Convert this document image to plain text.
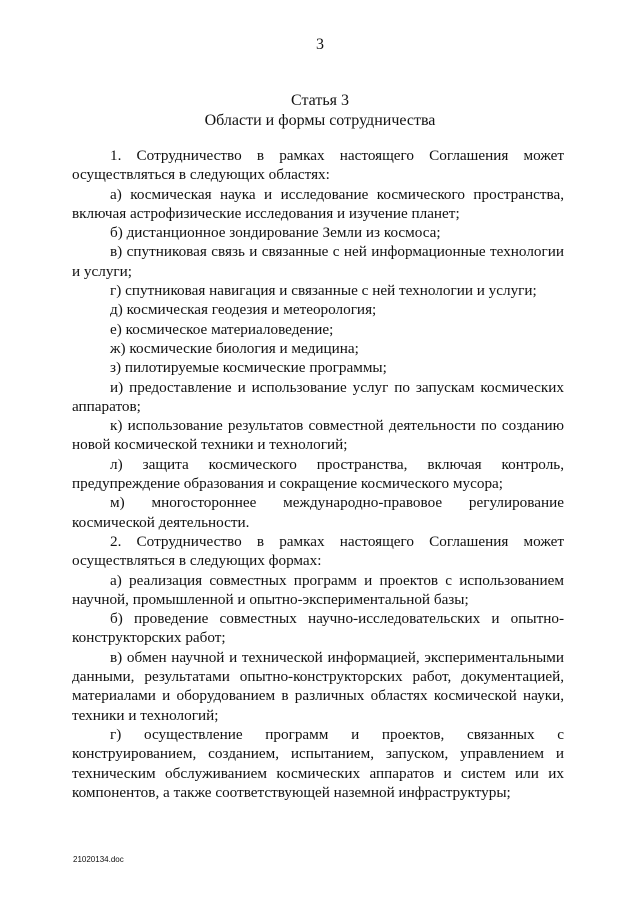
3
Статья 3
Области и формы сотрудничества

1. Сотрудничество в рамках настоящего Соглашения может осуществляться в следующих областях:

а) космическая наука и исследование космического пространства, включая астрофизические исследования и изучение планет;

б) дистанционное зондирование Земли из космоса;

в) спутниковая связь и связанные с ней информационные технологии и услуги;

г) спутниковая навигация и связанные с ней технологии и услуги;

д) космическая геодезия и метеорология;

е) космическое материаловедение;

ж) космические биология и медицина;

з) пилотируемые космические программы;

и) предоставление и использование услуг по запускам космических аппаратов;

к) использование результатов совместной деятельности по созданию новой космической техники и технологий;

л) защита космического пространства, включая контроль, предупреждение образования и сокращение космического мусора;

м) многостороннее международно-правовое регулирование космической деятельности.

2. Сотрудничество в рамках настоящего Соглашения может осуществляться в следующих формах:

а) реализация совместных программ и проектов с использованием научной, промышленной и опытно-экспериментальной базы;

б) проведение совместных научно-исследовательских и опытно-конструкторских работ;

в) обмен научной и технической информацией, экспериментальными данными, результатами опытно-конструкторских работ, документацией, материалами и оборудованием в различных областях космической науки, техники и технологий;

г) осуществление программ и проектов, связанных с конструированием, созданием, испытанием, запуском, управлением и техническим обслуживанием космических аппаратов и систем или их компонентов, а также соответствующей наземной инфраструктуры;

21020134.doc
